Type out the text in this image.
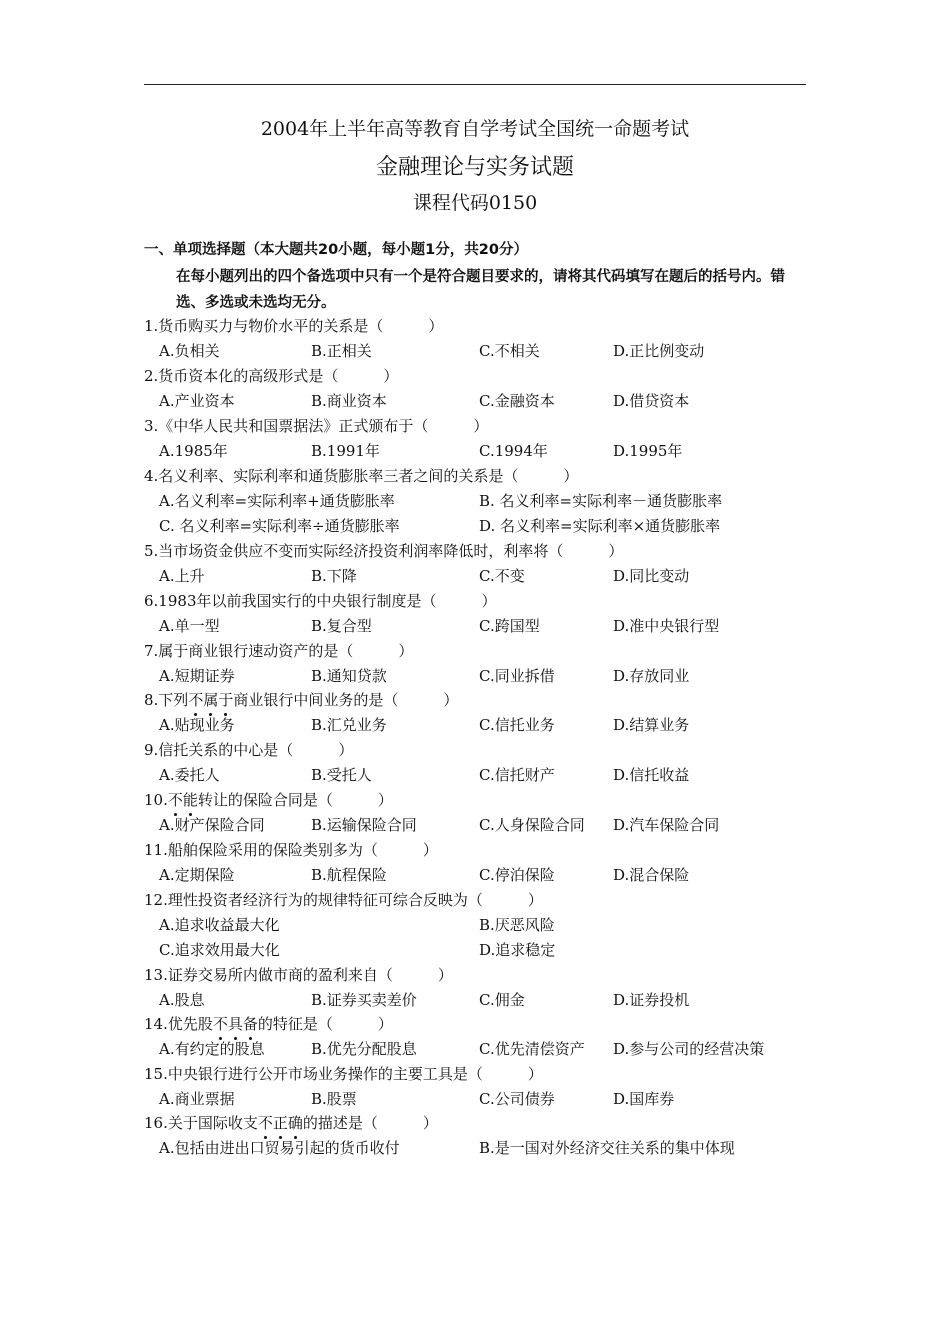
2004年上半年高等教育自学考试全国统一命题考试
金融理论与实务试题
课程代码0150
一、单项选择题（本大题共20小题，每小题1分，共20分）
在每小题列出的四个备选项中只有一个是符合题目要求的，请将其代码填写在题后的括号内。错选、多选或未选均无分。
1.货币购买力与物价水平的关系是（　　　）
A.负相关	B.正相关	C.不相关	D.正比例变动
2.货币资本化的高级形式是（　　　）
A.产业资本	B.商业资本	C.金融资本	D.借贷资本
3.《中华人民共和国票据法》正式颁布于（　　　）
A.1985年	B.1991年	C.1994年	D.1995年
4.名义利率、实际利率和通货膨胀率三者之间的关系是（　　　）
A.名义利率=实际利率+通货膨胀率	B. 名义利率=实际利率－通货膨胀率
C. 名义利率=实际利率÷通货膨胀率	D. 名义利率=实际利率×通货膨胀率
5.当市场资金供应不变而实际经济投资利润率降低时，利率将（　　　）
A.上升	B.下降	C.不变	D.同比变动
6.1983年以前我国实行的中央银行制度是（　　　）
A.单一型	B.复合型	C.跨国型	D.准中央银行型
7.属于商业银行速动资产的是（　　　）
A.短期证券	B.通知贷款	C.同业拆借	D.存放同业
8.下列不属于商业银行中间业务的是（　　　）
A.贴现业务	B.汇兑业务	C.信托业务	D.结算业务
9.信托关系的中心是（　　　）
A.委托人	B.受托人	C.信托财产	D.信托收益
10.不能转让的保险合同是（　　　）
A.财产保险合同	B.运输保险合同	C.人身保险合同 D.汽车保险合同
11.船舶保险采用的保险类别多为（　　　）
A.定期保险	B.航程保险	C.停泊保险	D.混合保险
12.理性投资者经济行为的规律特征可综合反映为（　　　）
A.追求收益最大化	B.厌恶风险
C.追求效用最大化	D.追求稳定
13.证券交易所内做市商的盈利来自（　　　）
A.股息	B.证券买卖差价	C.佣金	D.证券投机
14.优先股不具备的特征是（　　　）
A.有约定的股息	B.优先分配股息	C.优先清偿资产 D.参与公司的经营决策
15.中央银行进行公开市场业务操作的主要工具是（　　　）
A.商业票据	B.股票	C.公司债券	D.国库券
16.关于国际收支不正确的描述是（　　　）
A.包括由进出口贸易引起的货币收付	B.是一国对外经济交往关系的集中体现
